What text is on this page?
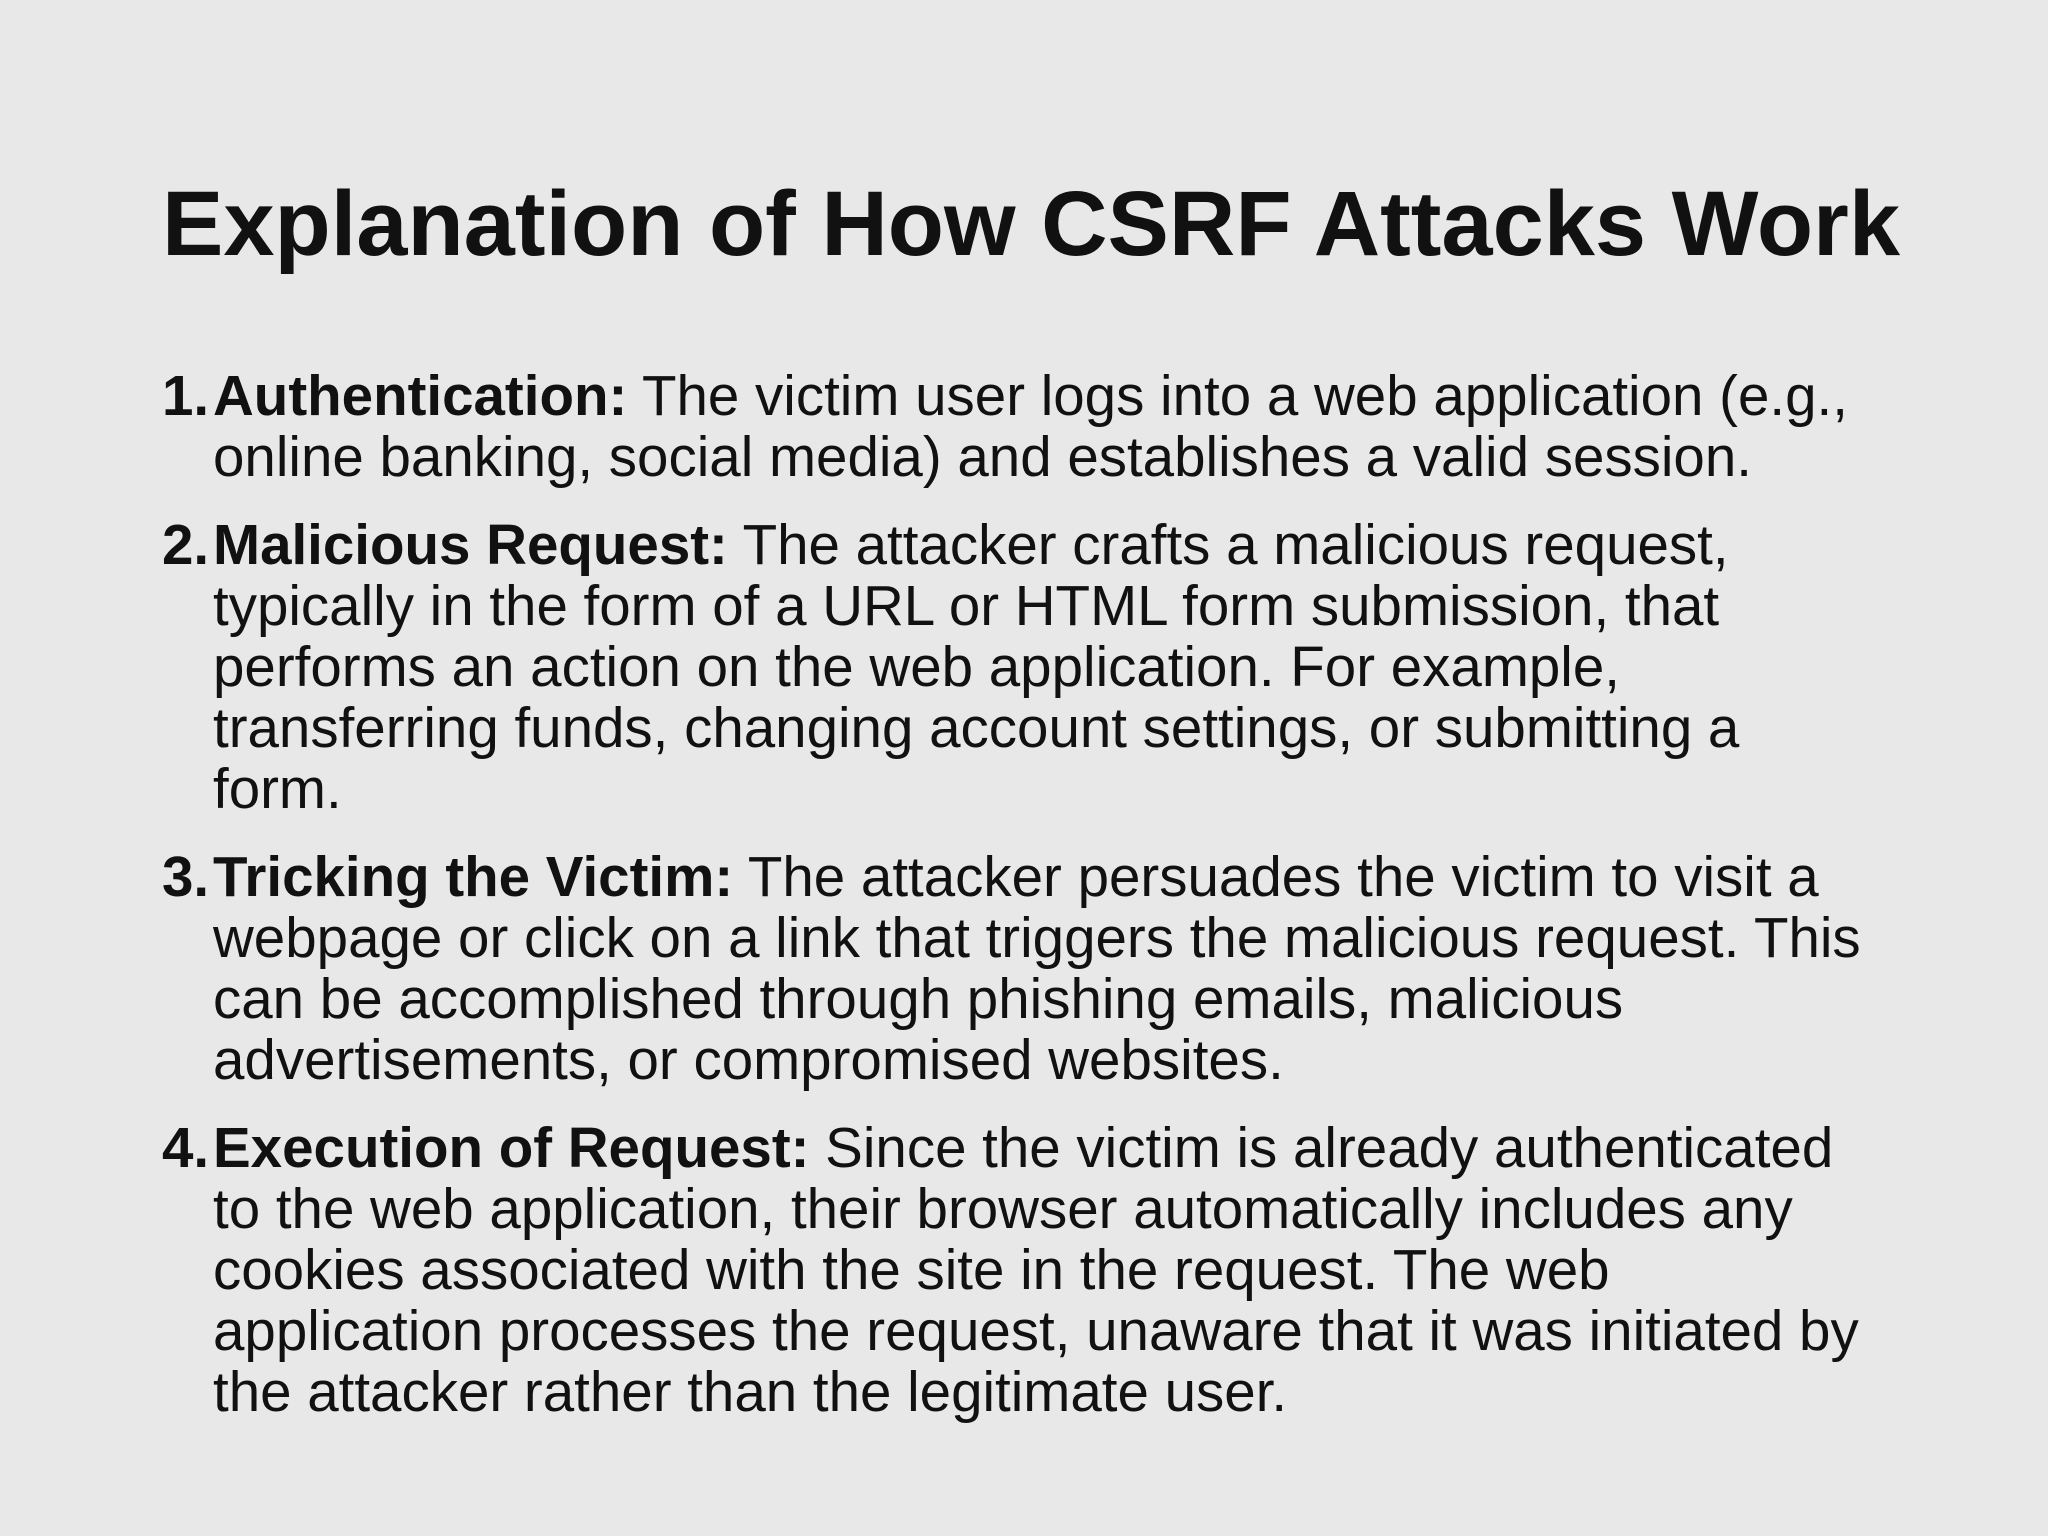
Explanation of How CSRF Attacks Work
1. Authentication: The victim user logs into a web application (e.g., online banking, social media) and establishes a valid session.
2. Malicious Request: The attacker crafts a malicious request, typically in the form of a URL or HTML form submission, that performs an action on the web application. For example, transferring funds, changing account settings, or submitting a form.
3. Tricking the Victim: The attacker persuades the victim to visit a webpage or click on a link that triggers the malicious request. This can be accomplished through phishing emails, malicious advertisements, or compromised websites.
4. Execution of Request: Since the victim is already authenticated to the web application, their browser automatically includes any cookies associated with the site in the request. The web application processes the request, unaware that it was initiated by the attacker rather than the legitimate user.
